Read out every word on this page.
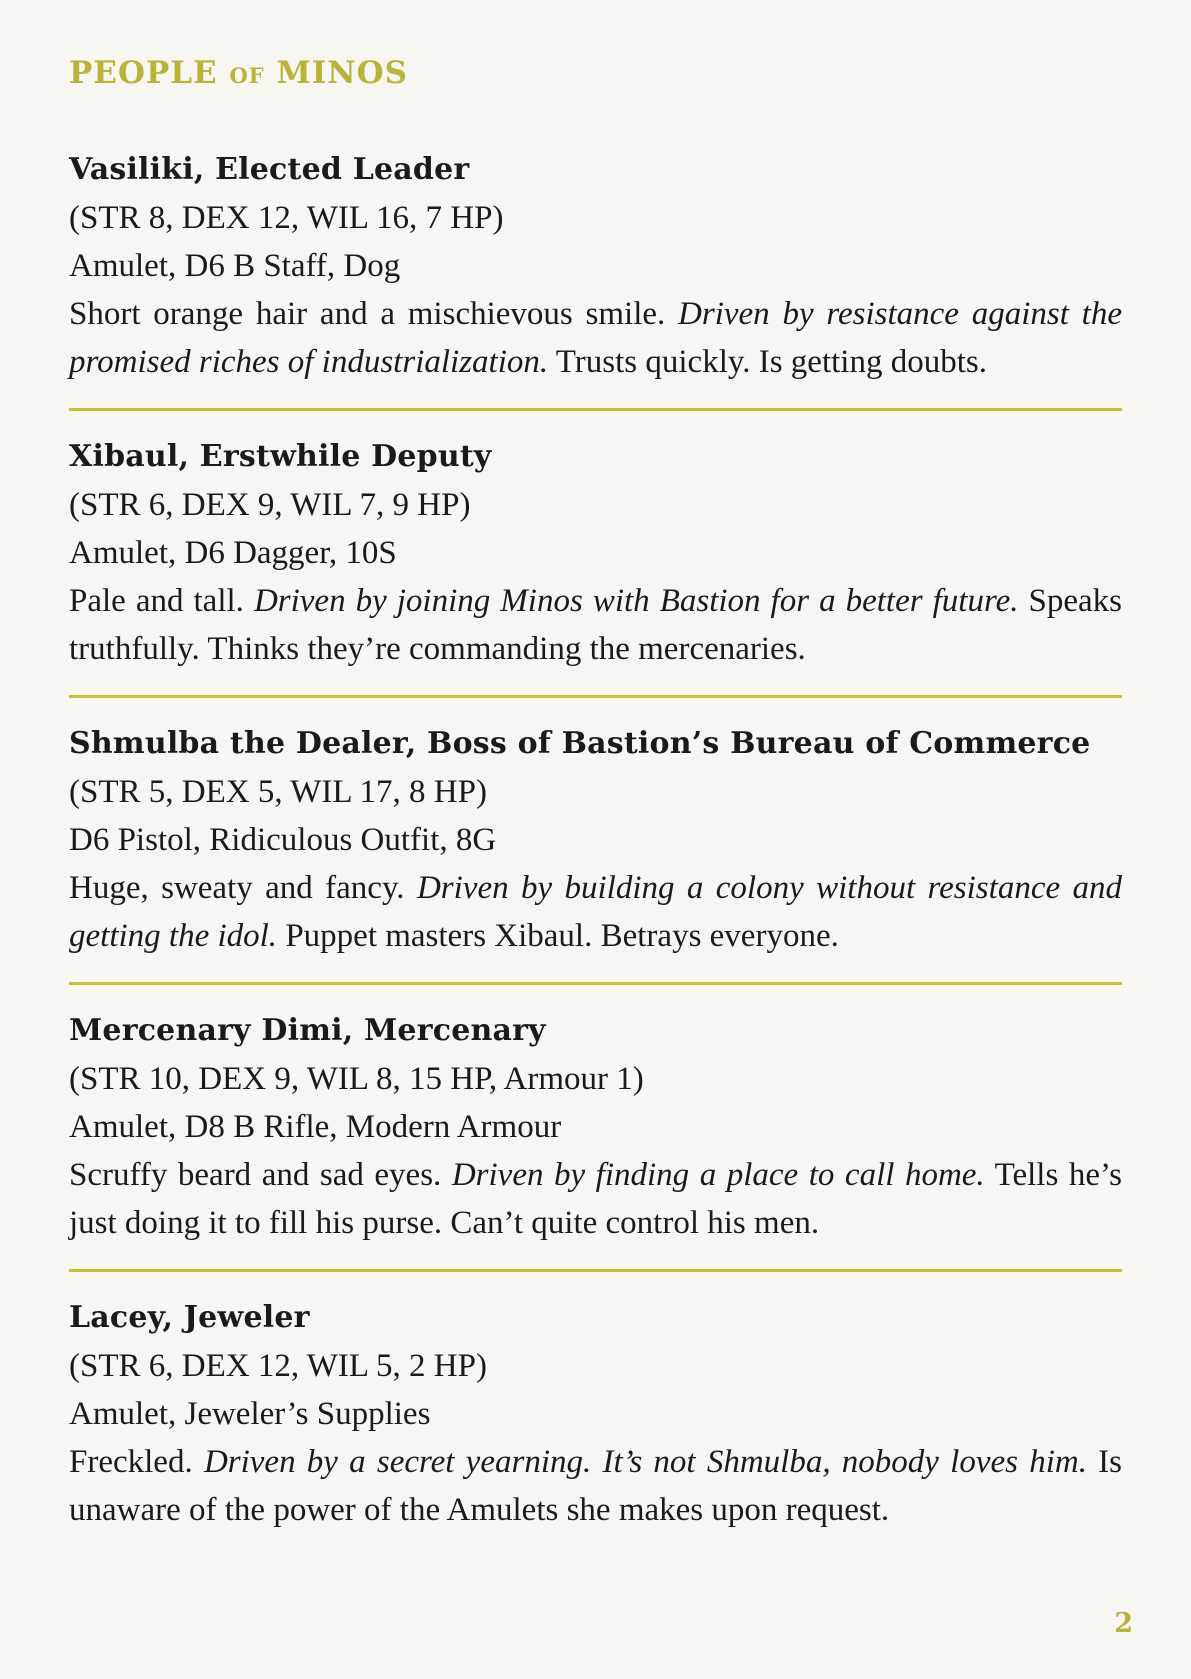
PEOPLE OF MINOS
Vasiliki, Elected Leader
(STR 8, DEX 12, WIL 16, 7 HP)
Amulet, D6 B Staff, Dog
Short orange hair and a mischievous smile. Driven by resistance against the promised riches of industrialization. Trusts quickly. Is getting doubts.
Xibaul, Erstwhile Deputy
(STR 6, DEX 9, WIL 7, 9 HP)
Amulet, D6 Dagger, 10S
Pale and tall. Driven by joining Minos with Bastion for a better future. Speaks truthfully. Thinks they’re commanding the mercenaries.
Shmulba the Dealer, Boss of Bastion’s Bureau of Commerce
(STR 5, DEX 5, WIL 17, 8 HP)
D6 Pistol, Ridiculous Outfit, 8G
Huge, sweaty and fancy. Driven by building a colony without resistance and getting the idol. Puppet masters Xibaul. Betrays everyone.
Mercenary Dimi, Mercenary
(STR 10, DEX 9, WIL 8, 15 HP, Armour 1)
Amulet, D8 B Rifle, Modern Armour
Scruffy beard and sad eyes. Driven by finding a place to call home. Tells he’s just doing it to fill his purse. Can’t quite control his men.
Lacey, Jeweler
(STR 6, DEX 12, WIL 5, 2 HP)
Amulet, Jeweler’s Supplies
Freckled. Driven by a secret yearning. It’s not Shmulba, nobody loves him. Is unaware of the power of the Amulets she makes upon request.
2
